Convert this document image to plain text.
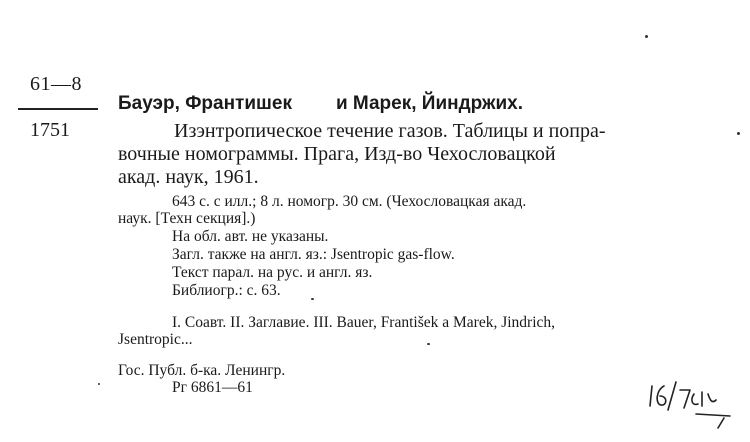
61—8
1751
Бауэр, Франтишек и Марек, Йиндржих.
Изэнтропическое течение газов. Таблицы и попра-
вочные номограммы. Прага, Изд-во Чехословацкой
акад. наук, 1961.
643 с. с илл.; 8 л. номогр. 30 см. (Чехословацкая акад.
наук. [Техн секция].)
На обл. авт. не указаны.
Загл. также на англ. яз.: Jsentropic gas-flow.
Текст парал. на рус. и англ. яз.
Библиогр.: с. 63.
I. Соавт. II. Заглавие. III. Bauer, František a Marek, Jindrich,
Jsentropic...
Гос. Публ. б-ка. Ленингр.
Рг 6861—61
